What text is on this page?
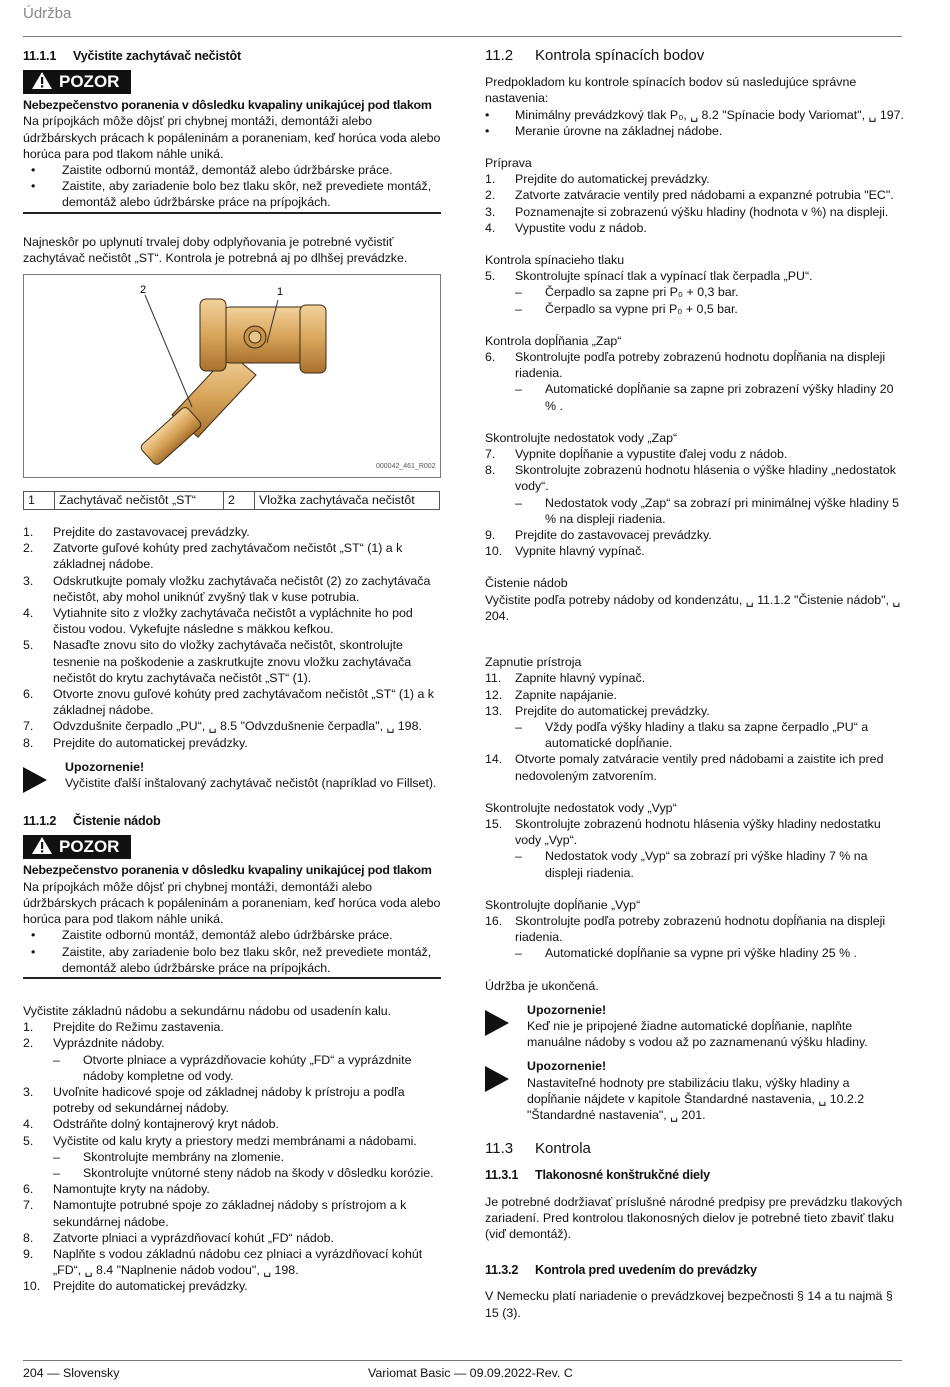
Údržba
11.1.1 Vyčistite zachytávač nečistôt
POZOR

Nebezpečenstvo poranenia v dôsledku kvapaliny unikajúcej pod tlakom

Na prípojkách môže dôjsť pri chybnej montáži, demontáži alebo údržbárskych prácach k popáleninám a poraneniam, keď horúca voda alebo horúca para pod tlakom náhle uniká.

• Zaistite odbornú montáž, demontáž alebo údržbárske práce.
• Zaistite, aby zariadenie bolo bez tlaku skôr, než prevediete montáž, demontáž alebo údržbárske práce na prípojkách.

Najneskôr po uplynutí trvalej doby odplyňovania je potrebné vyčistiť zachytávač nečistôt „ST“. Kontrola je potrebná aj po dlhšej prevádzke.

2	1
000042_461_R002
1	Zachytávač nečistôt „ST“	2	Vložka zachytávača nečistôt
1. Prejdite do zastavovacej prevádzky.
2. Zatvorte guľové kohúty pred zachytávačom nečistôt „ST“ (1) a k základnej nádobe.
3. Odskrutkujte pomaly vložku zachytávača nečistôt (2) zo zachytávača nečistôt, aby mohol uniknúť zvyšný tlak v kuse potrubia.
4. Vytiahnite sito z vložky zachytávača nečistôt a vypláchnite ho pod čistou vodou. Vykefujte následne s mäkkou kefkou.
5. Nasaďte znovu sito do vložky zachytávača nečistôt, skontrolujte tesnenie na poškodenie a zaskrutkujte znovu vložku zachytávača nečistôt do krytu zachytávača nečistôt „ST“ (1).
6. Otvorte znovu guľové kohúty pred zachytávačom nečistôt „ST“ (1) a k základnej nádobe.
7. Odvzdušnite čerpadlo „PU“, ␣ 8.5 "Odvzdušnenie čerpadla", ␣ 198.
8. Prejdite do automatickej prevádzky.

Upozornenie!

Vyčistite ďalší inštalovaný zachytávač nečistôt (napríklad vo Fillset).

11.1.2 Čistenie nádob
POZOR

Nebezpečenstvo poranenia v dôsledku kvapaliny unikajúcej pod tlakom

Na prípojkách môže dôjsť pri chybnej montáži, demontáži alebo údržbárskych prácach k popáleninám a poraneniam, keď horúca voda alebo horúca para pod tlakom náhle uniká.

• Zaistite odbornú montáž, demontáž alebo údržbárske práce.
• Zaistite, aby zariadenie bolo bez tlaku skôr, než prevediete montáž, demontáž alebo údržbárske práce na prípojkách.

Vyčistite základnú nádobu a sekundárnu nádobu od usadenín kalu.

1. Prejdite do Režimu zastavenia.
2. Vyprázdnite nádoby.
– Otvorte plniace a vyprázdňovacie kohúty „FD“ a vyprázdnite nádoby kompletne od vody.
3. Uvoľnite hadicové spoje od základnej nádoby k prístroju a podľa potreby od sekundárnej nádoby.
4. Odstráňte dolný kontajnerový kryt nádob.
5. Vyčistite od kalu kryty a priestory medzi membránami a nádobami.
– Skontrolujte membrány na zlomenie.
– Skontrolujte vnútorné steny nádob na škody v dôsledku korózie.
6. Namontujte kryty na nádoby.
7. Namontujte potrubné spoje zo základnej nádoby s prístrojom a k sekundárnej nádobe.
8. Zatvorte plniaci a vyprázdňovací kohút „FD“ nádob.
9. Naplňte s vodou základnú nádobu cez plniaci a vyrázdňovací kohút „FD“, ␣ 8.4 "Naplnenie nádob vodou", ␣ 198.
10. Prejdite do automatickej prevádzky.
11.2 Kontrola spínacích bodov

Predpokladom ku kontrole spínacích bodov sú nasledujúce správne nastavenia:

• Minimálny prevádzkový tlak P₀, ␣ 8.2 "Spínacie body Variomat", ␣ 197.
• Meranie úrovne na základnej nádobe.

Príprava

1. Prejdite do automatickej prevádzky.
2. Zatvorte zatváracie ventily pred nádobami a expanzné potrubia "EC".
3. Poznamenajte si zobrazenú výšku hladiny (hodnota v %) na displeji.
4. Vypustite vodu z nádob.

Kontrola spínacieho tlaku

5. Skontrolujte spínací tlak a vypínací tlak čerpadla „PU“.
– Čerpadlo sa zapne pri P₀ + 0,3 bar.
– Čerpadlo sa vypne pri P₀ + 0,5 bar.

Kontrola dopĺňania „Zap“

6. Skontrolujte podľa potreby zobrazenú hodnotu dopĺňania na displeji riadenia.
– Automatické dopĺňanie sa zapne pri zobrazení výšky hladiny 20 % .

Skontrolujte nedostatok vody „Zap“

7. Vypnite dopĺňanie a vypustite ďalej vodu z nádob.
8. Skontrolujte zobrazenú hodnotu hlásenia o výške hladiny „nedostatok vody“.
– Nedostatok vody „Zap“ sa zobrazí pri minimálnej výške hladiny 5 % na displeji riadenia.
9. Prejdite do zastavovacej prevádzky.
10. Vypnite hlavný vypínač.

Čistenie nádob

Vyčistite podľa potreby nádoby od kondenzátu, ␣ 11.1.2 "Čistenie nádob", ␣ 204.

Zapnutie prístroja

11. Zapnite hlavný vypínač.
12. Zapnite napájanie.
13. Prejdite do automatickej prevádzky.
– Vždy podľa výšky hladiny a tlaku sa zapne čerpadlo „PU“ a automatické dopĺňanie.
14. Otvorte pomaly zatváracie ventily pred nádobami a zaistite ich pred nedovoleným zatvorením.

Skontrolujte nedostatok vody „Vyp“

15. Skontrolujte zobrazenú hodnotu hlásenia výšky hladiny nedostatku vody „Vyp“.
– Nedostatok vody „Vyp“ sa zobrazí pri výške hladiny 7 % na displeji riadenia.

Skontrolujte dopĺňanie „Vyp“

16. Skontrolujte podľa potreby zobrazenú hodnotu dopĺňania na displeji riadenia.
– Automatické dopĺňanie sa vypne pri výške hladiny 25 % .

Údržba je ukončená.

Upozornenie!

Keď nie je pripojené žiadne automatické dopĺňanie, naplňte manuálne nádoby s vodou až po zaznamenanú výšku hladiny.

Upozornenie!

Nastaviteľné hodnoty pre stabilizáciu tlaku, výšky hladiny a dopĺňanie nájdete v kapitole Štandardné nastavenia, ␣ 10.2.2 "Štandardné nastavenia", ␣ 201.

11.3 Kontrola
11.3.1 Tlakonosné konštrukčné diely

Je potrebné dodržiavať príslušné národné predpisy pre prevádzku tlakových zariadení. Pred kontrolou tlakonosných dielov je potrebné tieto zbaviť tlaku (viď demontáž).

11.3.2 Kontrola pred uvedením do prevádzky

V Nemecku platí nariadenie o prevádzkovej bezpečnosti § 14 a tu najmä § 15 (3).

204 — Slovensky	Variomat Basic — 09.09.2022-Rev. C
